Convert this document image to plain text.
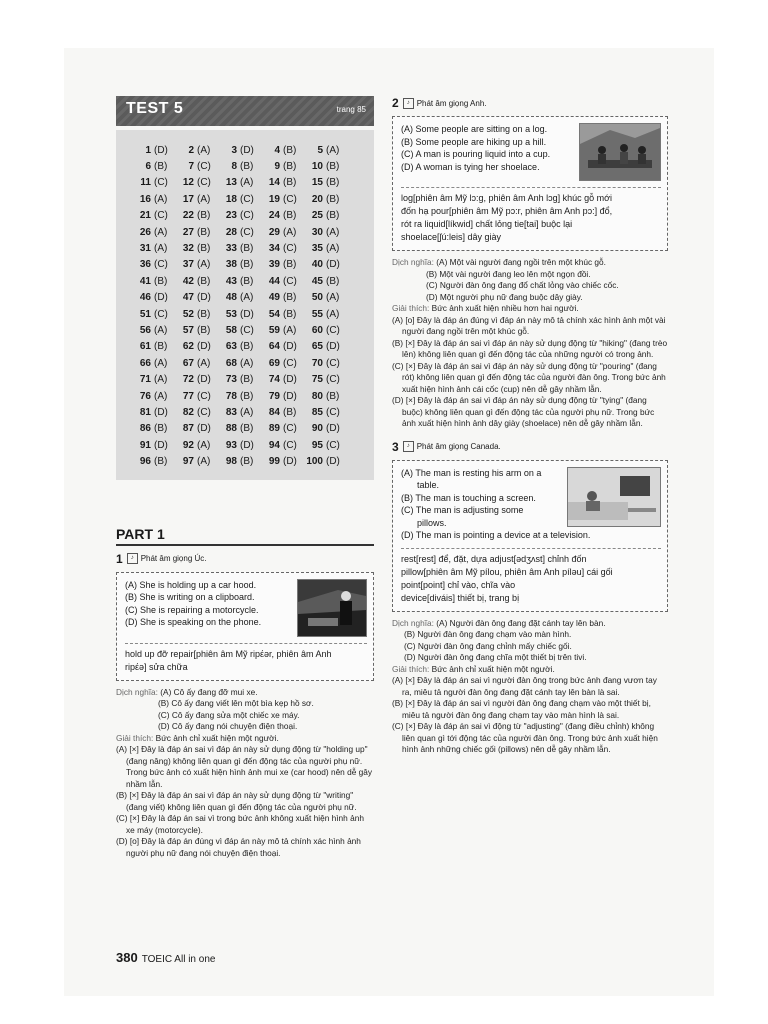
TEST 5	trang 85
1 (D)	2 (A)	3 (D)	4 (B)	5 (A)
6 (B)	7 (C)	8 (B)	9 (B)	10 (B)
11 (C)	12 (C)	13 (A)	14 (B)	15 (B)
16 (A)	17 (A)	18 (C)	19 (C)	20 (B)
21 (C)	22 (B)	23 (C)	24 (B)	25 (B)
26 (A)	27 (B)	28 (C)	29 (A)	30 (A)
31 (A)	32 (B)	33 (B)	34 (C)	35 (A)
36 (C)	37 (A)	38 (B)	39 (B)	40 (D)
41 (B)	42 (B)	43 (B)	44 (C)	45 (B)
46 (D)	47 (D)	48 (A)	49 (B)	50 (A)
51 (C)	52 (B)	53 (D)	54 (B)	55 (A)
56 (A)	57 (B)	58 (C)	59 (A)	60 (C)
61 (B)	62 (D)	63 (B)	64 (D)	65 (D)
66 (A)	67 (A)	68 (A)	69 (C)	70 (C)
71 (A)	72 (D)	73 (B)	74 (D)	75 (C)
76 (A)	77 (C)	78 (B)	79 (D)	80 (B)
81 (D)	82 (C)	83 (A)	84 (B)	85 (C)
86 (B)	87 (D)	88 (B)	89 (C)	90 (D)
91 (D)	92 (A)	93 (D)	94 (C)	95 (C)
96 (B)	97 (A)	98 (B)	99 (D) 100 (D)
PART 1
1	♪ Phát âm giọng Úc.
(A) She is holding up a car hood.
(B) She is writing on a clipboard.
(C) She is repairing a motorcycle.
(D) She is speaking on the phone.
hold up đỡ repair[phiên âm Mỹ ripέər, phiên âm Anh
ripέə] sửa chữa
Dịch nghĩa: (A) Cô ấy đang đỡ mui xe.
(B) Cô ấy đang viết lên một bìa kẹp hồ sơ.
(C) Cô ấy đang sửa một chiếc xe máy.
(D) Cô ấy đang nói chuyện điện thoại.
Giải thích: Bức ảnh chỉ xuất hiện một người.
(A) [×] Đây là đáp án sai vì đáp án này sử dụng động từ "holding up" (đang nâng) không liên quan gì đến động tác của người phụ nữ. Trong bức ảnh có xuất hiện hình ảnh mui xe (car hood) nên dễ gây nhầm lẫn.
(B) [×] Đây là đáp án sai vì đáp án này sử dụng động từ "writing" (đang viết) không liên quan gì đến động tác của người phụ nữ.
(C) [×] Đây là đáp án sai vì trong bức ảnh không xuất hiện hình ảnh xe máy (motorcycle).
(D) [o] Đây là đáp án đúng vì đáp án này mô tả chính xác hình ảnh người phụ nữ đang nói chuyện điện thoại.
2	♪ Phát âm giọng Anh.
(A) Some people are sitting on a log.
(B) Some people are hiking up a hill.
(C) A man is pouring liquid into a cup.
(D) A woman is tying her shoelace.
log[phiên âm Mỹ lɔ:g, phiên âm Anh lɔg] khúc gỗ mới
đốn hạ pour[phiên âm Mỹ pɔ:r, phiên âm Anh pɔ:] đổ,
rót ra liquid[líkwid] chất lỏng tie[tai] buộc lại
shoelace[ʃú:leis] dây giày
Dịch nghĩa: (A) Một vài người đang ngồi trên một khúc gỗ.
(B) Một vài người đang leo lên một ngọn đồi.
(C) Người đàn ông đang đổ chất lỏng vào chiếc cốc.
(D) Một người phụ nữ đang buộc dây giày.
Giải thích: Bức ảnh xuất hiện nhiều hơn hai người.
(A) [o] Đây là đáp án đúng vì đáp án này mô tả chính xác hình ảnh một vài người đang ngồi trên một khúc gỗ.
(B) [×] Đây là đáp án sai vì đáp án này sử dụng động từ "hiking" (đang trèo lên) không liên quan gì đến động tác của những người có trong ảnh.
(C) [×] Đây là đáp án sai vì đáp án này sử dụng động từ "pouring" (đang rót) không liên quan gì đến động tác của người đàn ông. Trong bức ảnh xuất hiện hình ảnh cái cốc (cup) nên dễ gây nhầm lẫn.
(D) [×] Đây là đáp án sai vì đáp án này sử dụng động từ "tying" (đang buộc) không liên quan gì đến động tác của người phụ nữ. Trong bức ảnh xuất hiện hình ảnh dây giày (shoelace) nên dễ gây nhầm lẫn.
3	♪ Phát âm giọng Canada.
(A) The man is resting his arm on a
table.
(B) The man is touching a screen.
(C) The man is adjusting some
pillows.
(D) The man is pointing a device at a television.
rest[rest] để, đặt, dựa adjust[ədʒʌst] chỉnh đốn
pillow[phiên âm Mỹ pílou, phiên âm Anh pílәu] cái gối
point[point] chỉ vào, chĩa vào
device[diváis] thiết bị, trang bị
Dịch nghĩa: (A) Người đàn ông đang đặt cánh tay lên bàn.
(B) Người đàn ông đang chạm vào màn hình.
(C) Người đàn ông đang chỉnh mấy chiếc gối.
(D) Người đàn ông đang chĩa một thiết bị trên tivi.
Giải thích: Bức ảnh chỉ xuất hiện một người.
(A) [×] Đây là đáp án sai vì người đàn ông trong bức ảnh đang vươn tay ra, miêu tả người đàn ông đang đặt cánh tay lên bàn là sai.
(B) [×] Đây là đáp án sai vì người đàn ông đang chạm vào một thiết bị, miêu tả người đàn ông đang chạm tay vào màn hình là sai.
(C) [×] Đây là đáp án sai vì động từ "adjusting" (đang điều chỉnh) không liên quan gì tới động tác của người đàn ông. Trong bức ảnh xuất hiện hình ảnh những chiếc gối (pillows) nên dễ gây nhầm lẫn.
380 TOEIC All in one
